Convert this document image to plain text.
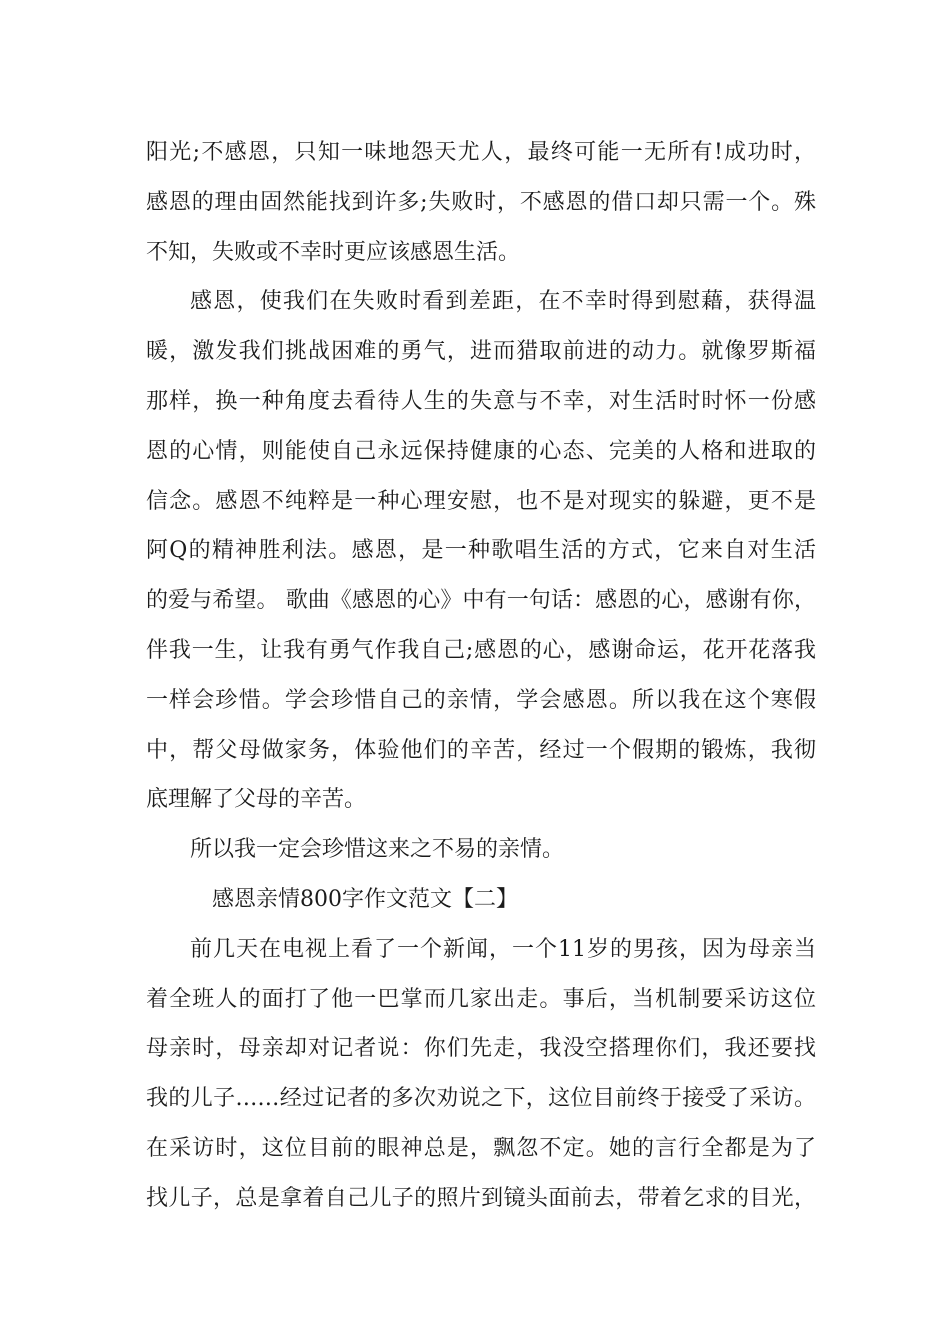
阳光;不感恩，只知一味地怨天尤人，最终可能一无所有!成功时，
感恩的理由固然能找到许多;失败时，不感恩的借口却只需一个。殊
不知，失败或不幸时更应该感恩生活。
感恩，使我们在失败时看到差距，在不幸时得到慰藉，获得温
暖，激发我们挑战困难的勇气，进而猎取前进的动力。就像罗斯福
那样，换一种角度去看待人生的失意与不幸，对生活时时怀一份感
恩的心情，则能使自己永远保持健康的心态、完美的人格和进取的
信念。感恩不纯粹是一种心理安慰，也不是对现实的躲避，更不是
阿Q的精神胜利法。感恩，是一种歌唱生活的方式，它来自对生活
的爱与希望。 歌曲《感恩的心》中有一句话：感恩的心，感谢有你，
伴我一生，让我有勇气作我自己;感恩的心，感谢命运，花开花落我
一样会珍惜。学会珍惜自己的亲情，学会感恩。所以我在这个寒假
中，帮父母做家务，体验他们的辛苦，经过一个假期的锻炼，我彻
底理解了父母的辛苦。
所以我一定会珍惜这来之不易的亲情。
感恩亲情800字作文范文【二】
前几天在电视上看了一个新闻，一个11岁的男孩，因为母亲当
着全班人的面打了他一巴掌而几家出走。事后，当机制要采访这位
母亲时，母亲却对记者说：你们先走，我没空搭理你们，我还要找
我的儿子……经过记者的多次劝说之下，这位目前终于接受了采访。
在采访时，这位目前的眼神总是，飘忽不定。她的言行全都是为了
找儿子，总是拿着自己儿子的照片到镜头面前去，带着乞求的目光，
